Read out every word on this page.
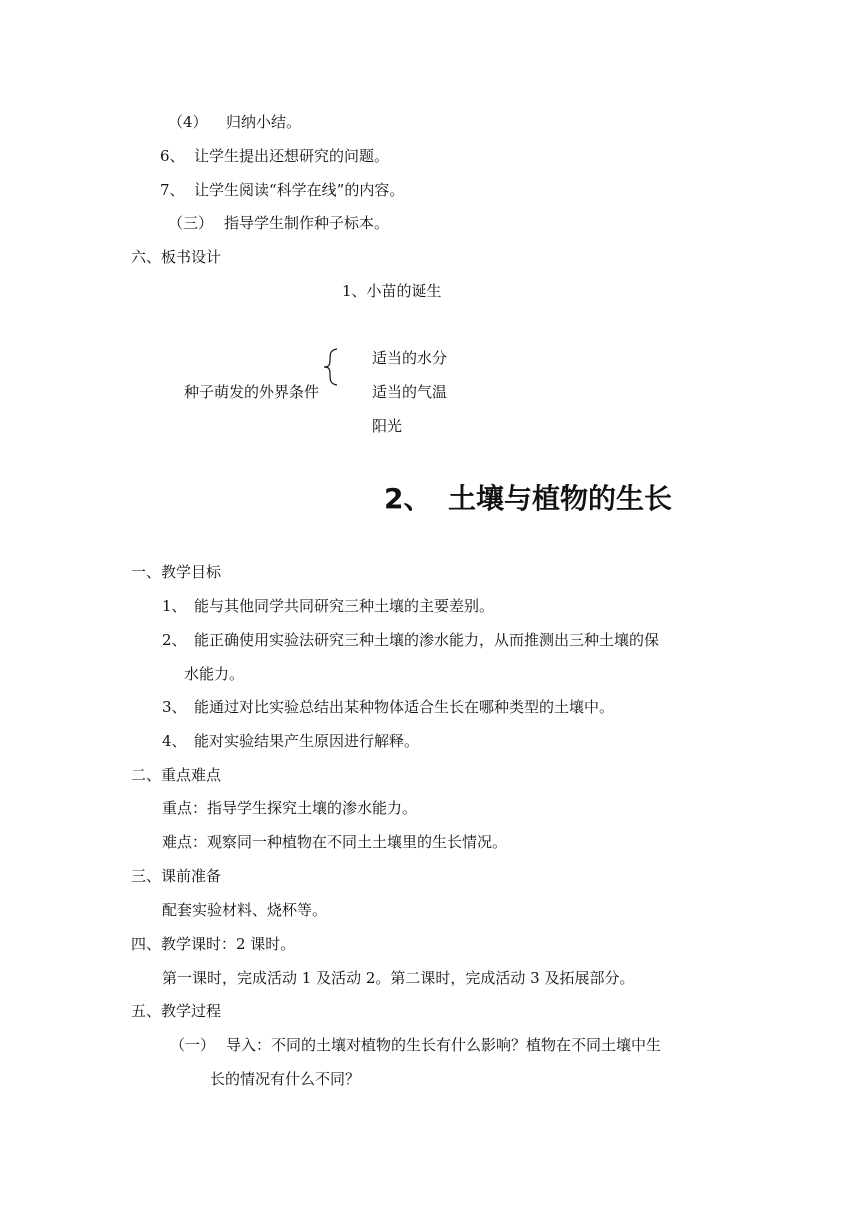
（4） 归纳小结。
6、 让学生提出还想研究的问题。
7、 让学生阅读“科学在线”的内容。
（三） 指导学生制作种子标本。
六、板书设计
1、小苗的诞生
种子萌发的外界条件
适当的水分
适当的气温
阳光
2、 土壤与植物的生长
一、教学目标
1、 能与其他同学共同研究三种土壤的主要差别。
2、 能正确使用实验法研究三种土壤的渗水能力，从而推测出三种土壤的保
水能力。
3、 能通过对比实验总结出某种物体适合生长在哪种类型的土壤中。
4、 能对实验结果产生原因进行解释。
二、重点难点
重点：指导学生探究土壤的渗水能力。
难点：观察同一种植物在不同土土壤里的生长情况。
三、课前准备
配套实验材料、烧杯等。
四、教学课时：2 课时。
第一课时，完成活动 1 及活动 2。第二课时，完成活动 3 及拓展部分。
五、教学过程
（一） 导入：不同的土壤对植物的生长有什么影响？植物在不同土壤中生
长的情况有什么不同？
